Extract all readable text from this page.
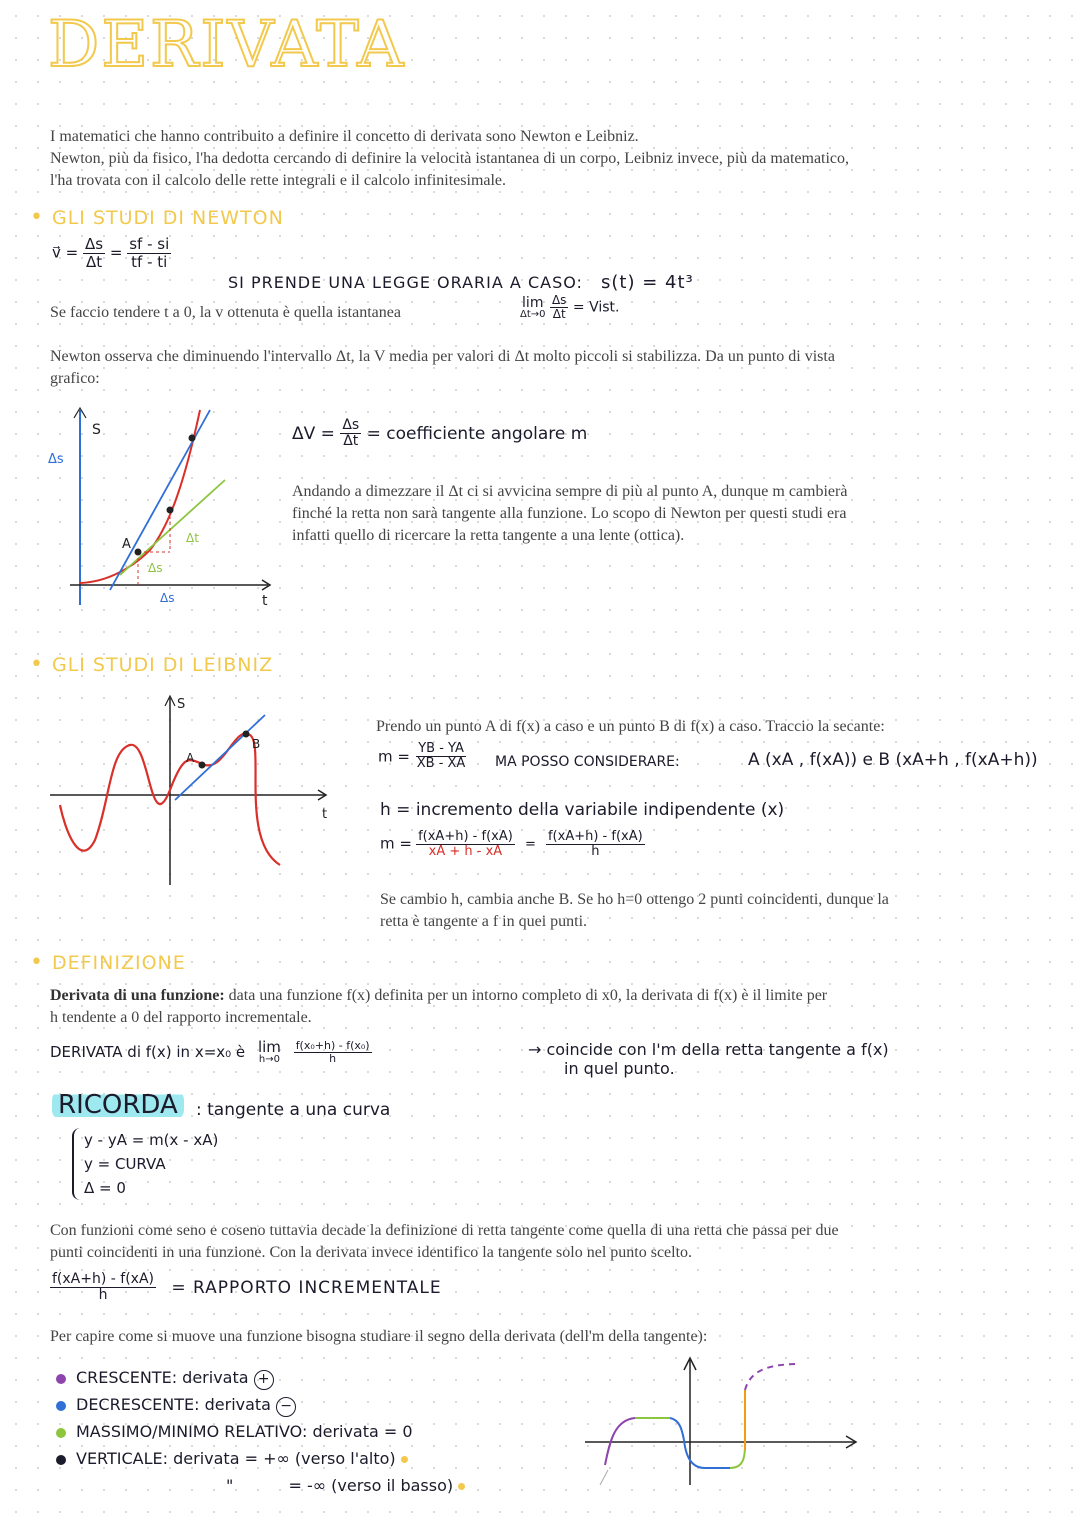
DERIVATA
I matematici che hanno contribuito a definire il concetto di derivata sono Newton e Leibniz.
Newton, più da fisico, l'ha dedotta cercando di definire la velocità istantanea di un corpo, Leibniz invece, più da matematico,
l'ha trovata con il calcolo delle rette integrali e il calcolo infinitesimale.
• GLI STUDI DI NEWTON
v⃗ = $\frac{\Delta s}{\Delta t} = \frac{sf - si}{tf - ti}$
SI PRENDE UNA LEGGE ORARIA A CASO: s(t) = 4t³
Se faccio tendere t a 0, la v ottenuta è quella istantanea
lim
Δt→0
$\frac{\Delta s}{\Delta t}$ = Vist.
Newton osserva che diminuendo l'intervallo Δt, la V media per valori di Δt molto piccoli si stabilizza. Da un punto di vista
grafico:
S
t
Δs
A	Δt
Δs
Δs
$\Delta V = \frac{\Delta s}{\Delta t}$ = coefficiente angolare m
Andando a dimezzare il Δt ci si avvicina sempre di più al punto A, dunque m cambierà
finché la retta non sarà tangente alla funzione. Lo scopo di Newton per questi studi era
infatti quello di ricercare la retta tangente a una lente (ottica).
• GLI STUDI DI LEIBNIZ
S
t
A
B
Prendo un punto A di f(x) a caso e un punto B di f(x) a caso. Traccio la secante:
$m = \frac{YB - YA}{XB - XA}$ MA POSSO CONSIDERARE:	A (xA , f(xA)) e B (xA+h , f(xA+h))
h = incremento della variabile indipendente (x)
$m = \frac{f(xA+h) - f(xA)}{xA + h - xA} = \frac{f(xA+h) - f(xA)}{h}$
Se cambio h, cambia anche B. Se ho h=0 ottengo 2 punti coincidenti, dunque la
retta è tangente a f in quei punti.
• DEFINIZIONE
Derivata di una funzione: data una funzione f(x) definita per un intorno completo di x0, la derivata di f(x) è il limite per
h tendente a 0 del rapporto incrementale.
DERIVATA di f(x) in x=x₀ è lim
h→0
$\frac{\text{f(x₀+h) - f(x₀)}}{h}$	→ coincide con l'm della retta tangente a f(x)
in quel punto.
RICORDA	: tangente a una curva
y - yA = m(x - xA)
y = CURVA
Δ = 0
Con funzioni come seno e coseno tuttavia decade la definizione di retta tangente come quella di una retta che passa per due
punti coincidenti in una funzione. Con la derivata invece identifico la tangente solo nel punto scelto.
$\frac{f(xA+h) - f(xA)}{h}$ = RAPPORTO INCREMENTALE
Per capire come si muove una funzione bisogna studiare il segno della derivata (dell'm della tangente):
CRESCENTE: derivata +
DECRESCENTE: derivata −
MASSIMO/MINIMO RELATIVO: derivata = 0
VERTICALE: derivata = +∞ (verso l'alto)
"	= -∞ (verso il basso)
